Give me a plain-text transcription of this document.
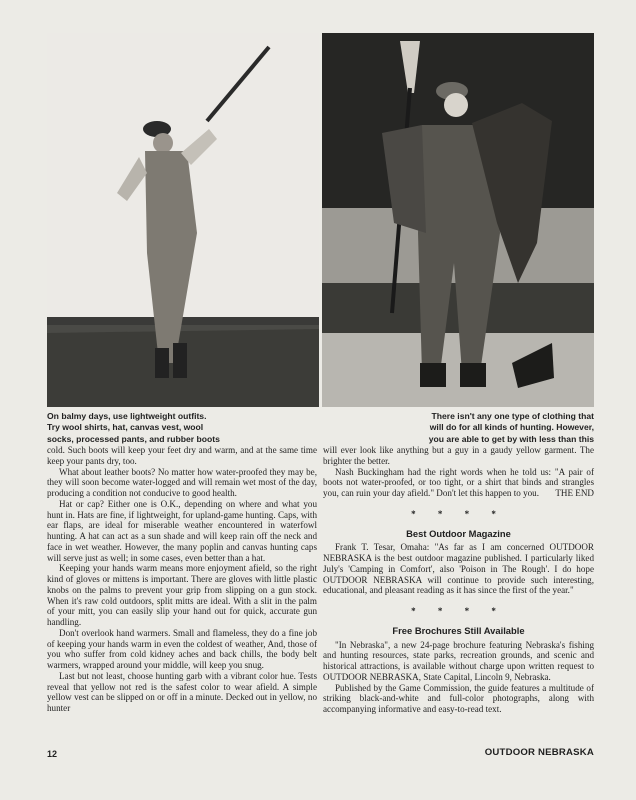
On balmy days, use lightweight outfits.
Try wool shirts, hat, canvas vest, wool
socks, processed pants, and rubber boots
There isn't any one type of clothing that
will do for all kinds of hunting. However,
you are able to get by with less than this

cold. Such boots will keep your feet dry and warm, and at the same time keep your pants dry, too.

What about leather boots? No matter how water-proofed they may be, they will soon become water-logged and will remain wet most of the day, producing a condition not conducive to good health.

Hat or cap? Either one is O.K., depending on where and what you hunt in. Hats are fine, if lightweight, for upland-game hunting. Caps, with ear flaps, are ideal for miserable weather encountered in waterfowl hunting. A hat can act as a sun shade and will keep rain off the neck and face in wet weather. However, the many poplin and canvas hunting caps will serve just as well; in some cases, even better than a hat.

Keeping your hands warm means more enjoyment afield, so the right kind of gloves or mittens is important. There are gloves with little plastic knobs on the palms to prevent your grip from slipping on a gun stock. When it's raw cold outdoors, split mitts are ideal. With a slit in the palm of your mitt, you can easily slip your hand out for quick, accurate gun handling.

Don't overlook hand warmers. Small and flameless, they do a fine job of keeping your hands warm in even the coldest of weather, And, those of you who suffer from cold kidney aches and back chills, the body belt warmers, wrapped around your middle, will keep you snug.

Last but not least, choose hunting garb with a vibrant color hue. Tests reveal that yellow not red is the safest color to wear afield. A simple yellow vest can be slipped on or off in a minute. Decked out in yellow, no hunter

will ever look like anything but a guy in a gaudy yellow garment. The brighter the better.

Nash Buckingham had the right words when he told us: "A pair of boots not water-proofed, or too tight, or a shirt that binds and strangles you, can ruin your day afield." Don't let this happen to you.	THE END

* * * *
Best Outdoor Magazine

Frank T. Tesar, Omaha: "As far as I am concerned OUTDOOR NEBRASKA is the best outdoor magazine published. I particularly liked July's 'Camping in Comfort', also 'Poison in The Rough'. I do hope OUTDOOR NEBRASKA will continue to provide such interesting, educational, and pleasant reading as it has since the first of the year."

* * * *
Free Brochures Still Available

"In Nebraska", a new 24-page brochure featuring Nebraska's fishing and hunting resources, state parks, recreation grounds, and scenic and historical attractions, is available without charge upon written request to OUTDOOR NEBRASKA, State Capital, Lincoln 9, Nebraska.

Published by the Game Commission, the guide features a multitude of striking black-and-white and full-color photographs, along with accompanying informative and easy-to-read text.

12	OUTDOOR NEBRASKA
